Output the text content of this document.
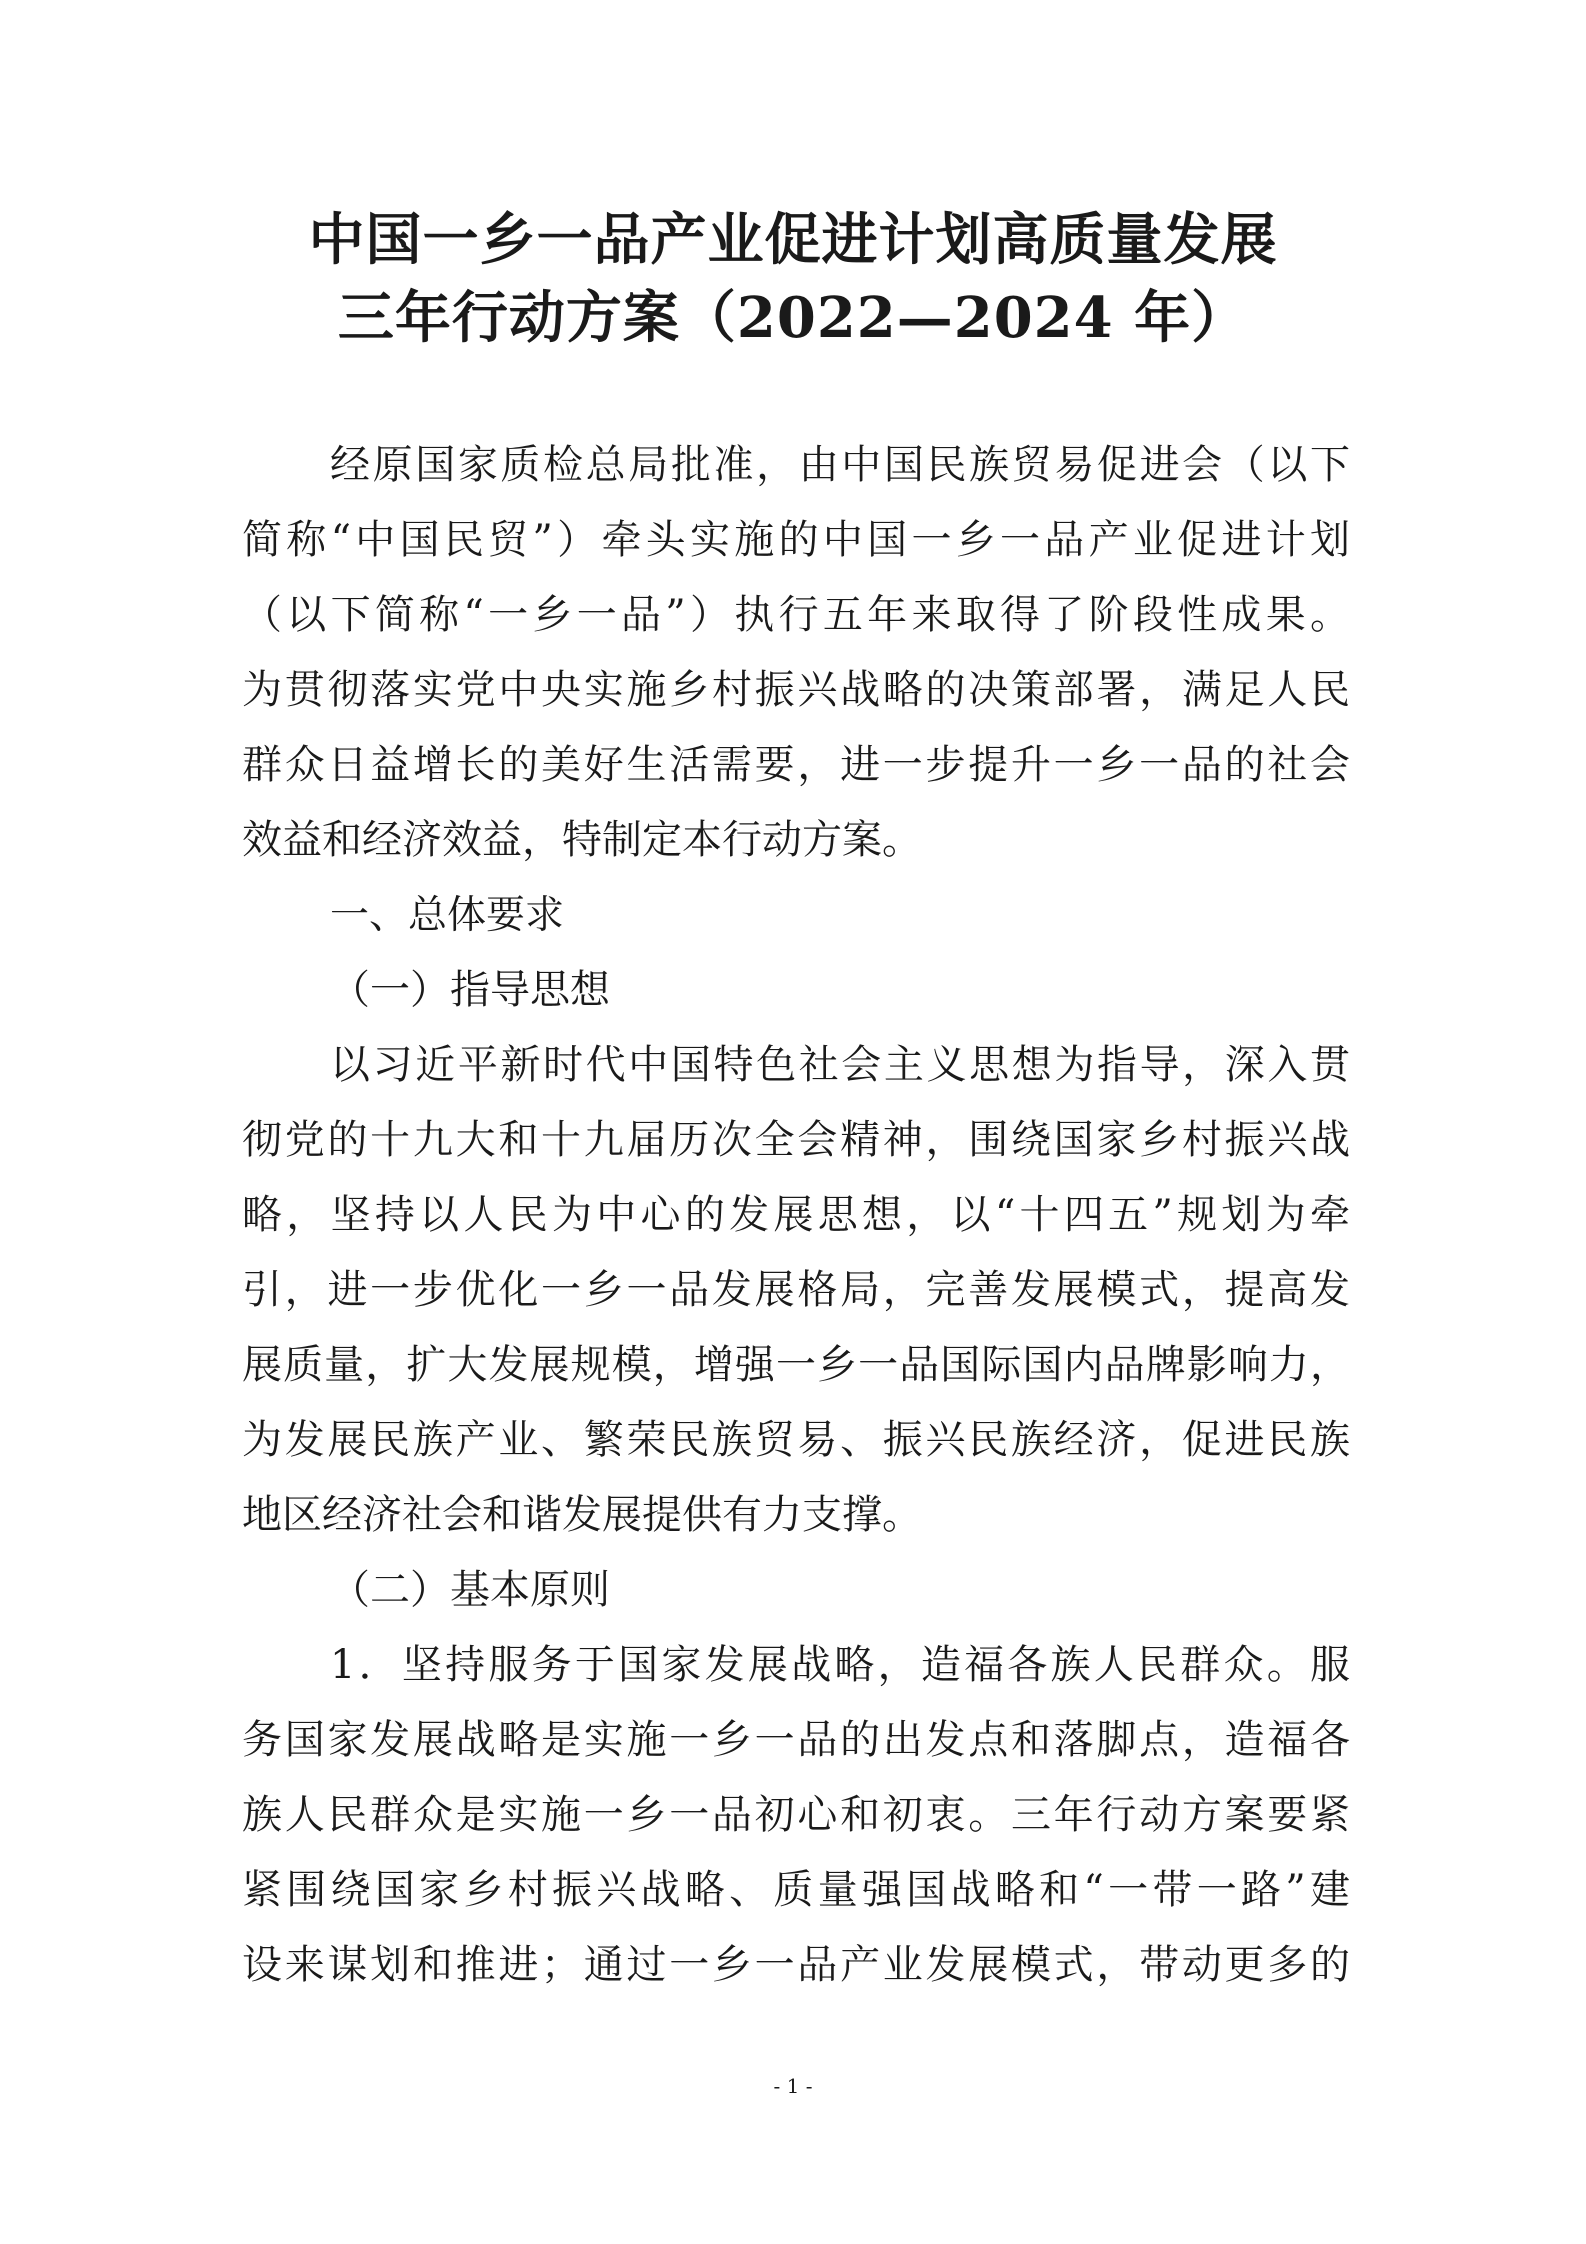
中国一乡一品产业促进计划高质量发展
三年行动方案（2022—2024 年）
经原国家质检总局批准，由中国民族贸易促进会（以下
简称“中国民贸”）牵头实施的中国一乡一品产业促进计划
（以下简称“一乡一品”）执行五年来取得了阶段性成果。
为贯彻落实党中央实施乡村振兴战略的决策部署，满足人民
群众日益增长的美好生活需要，进一步提升一乡一品的社会
效益和经济效益，特制定本行动方案。
一、总体要求
（一）指导思想
以习近平新时代中国特色社会主义思想为指导，深入贯
彻党的十九大和十九届历次全会精神，围绕国家乡村振兴战
略，坚持以人民为中心的发展思想，以“十四五”规划为牵
引，进一步优化一乡一品发展格局，完善发展模式，提高发
展质量，扩大发展规模，增强一乡一品国际国内品牌影响力，
为发展民族产业、繁荣民族贸易、振兴民族经济，促进民族
地区经济社会和谐发展提供有力支撑。
（二）基本原则
1．坚持服务于国家发展战略，造福各族人民群众。服
务国家发展战略是实施一乡一品的出发点和落脚点，造福各
族人民群众是实施一乡一品初心和初衷。三年行动方案要紧
紧围绕国家乡村振兴战略、质量强国战略和“一带一路”建
设来谋划和推进；通过一乡一品产业发展模式，带动更多的
- 1 -
